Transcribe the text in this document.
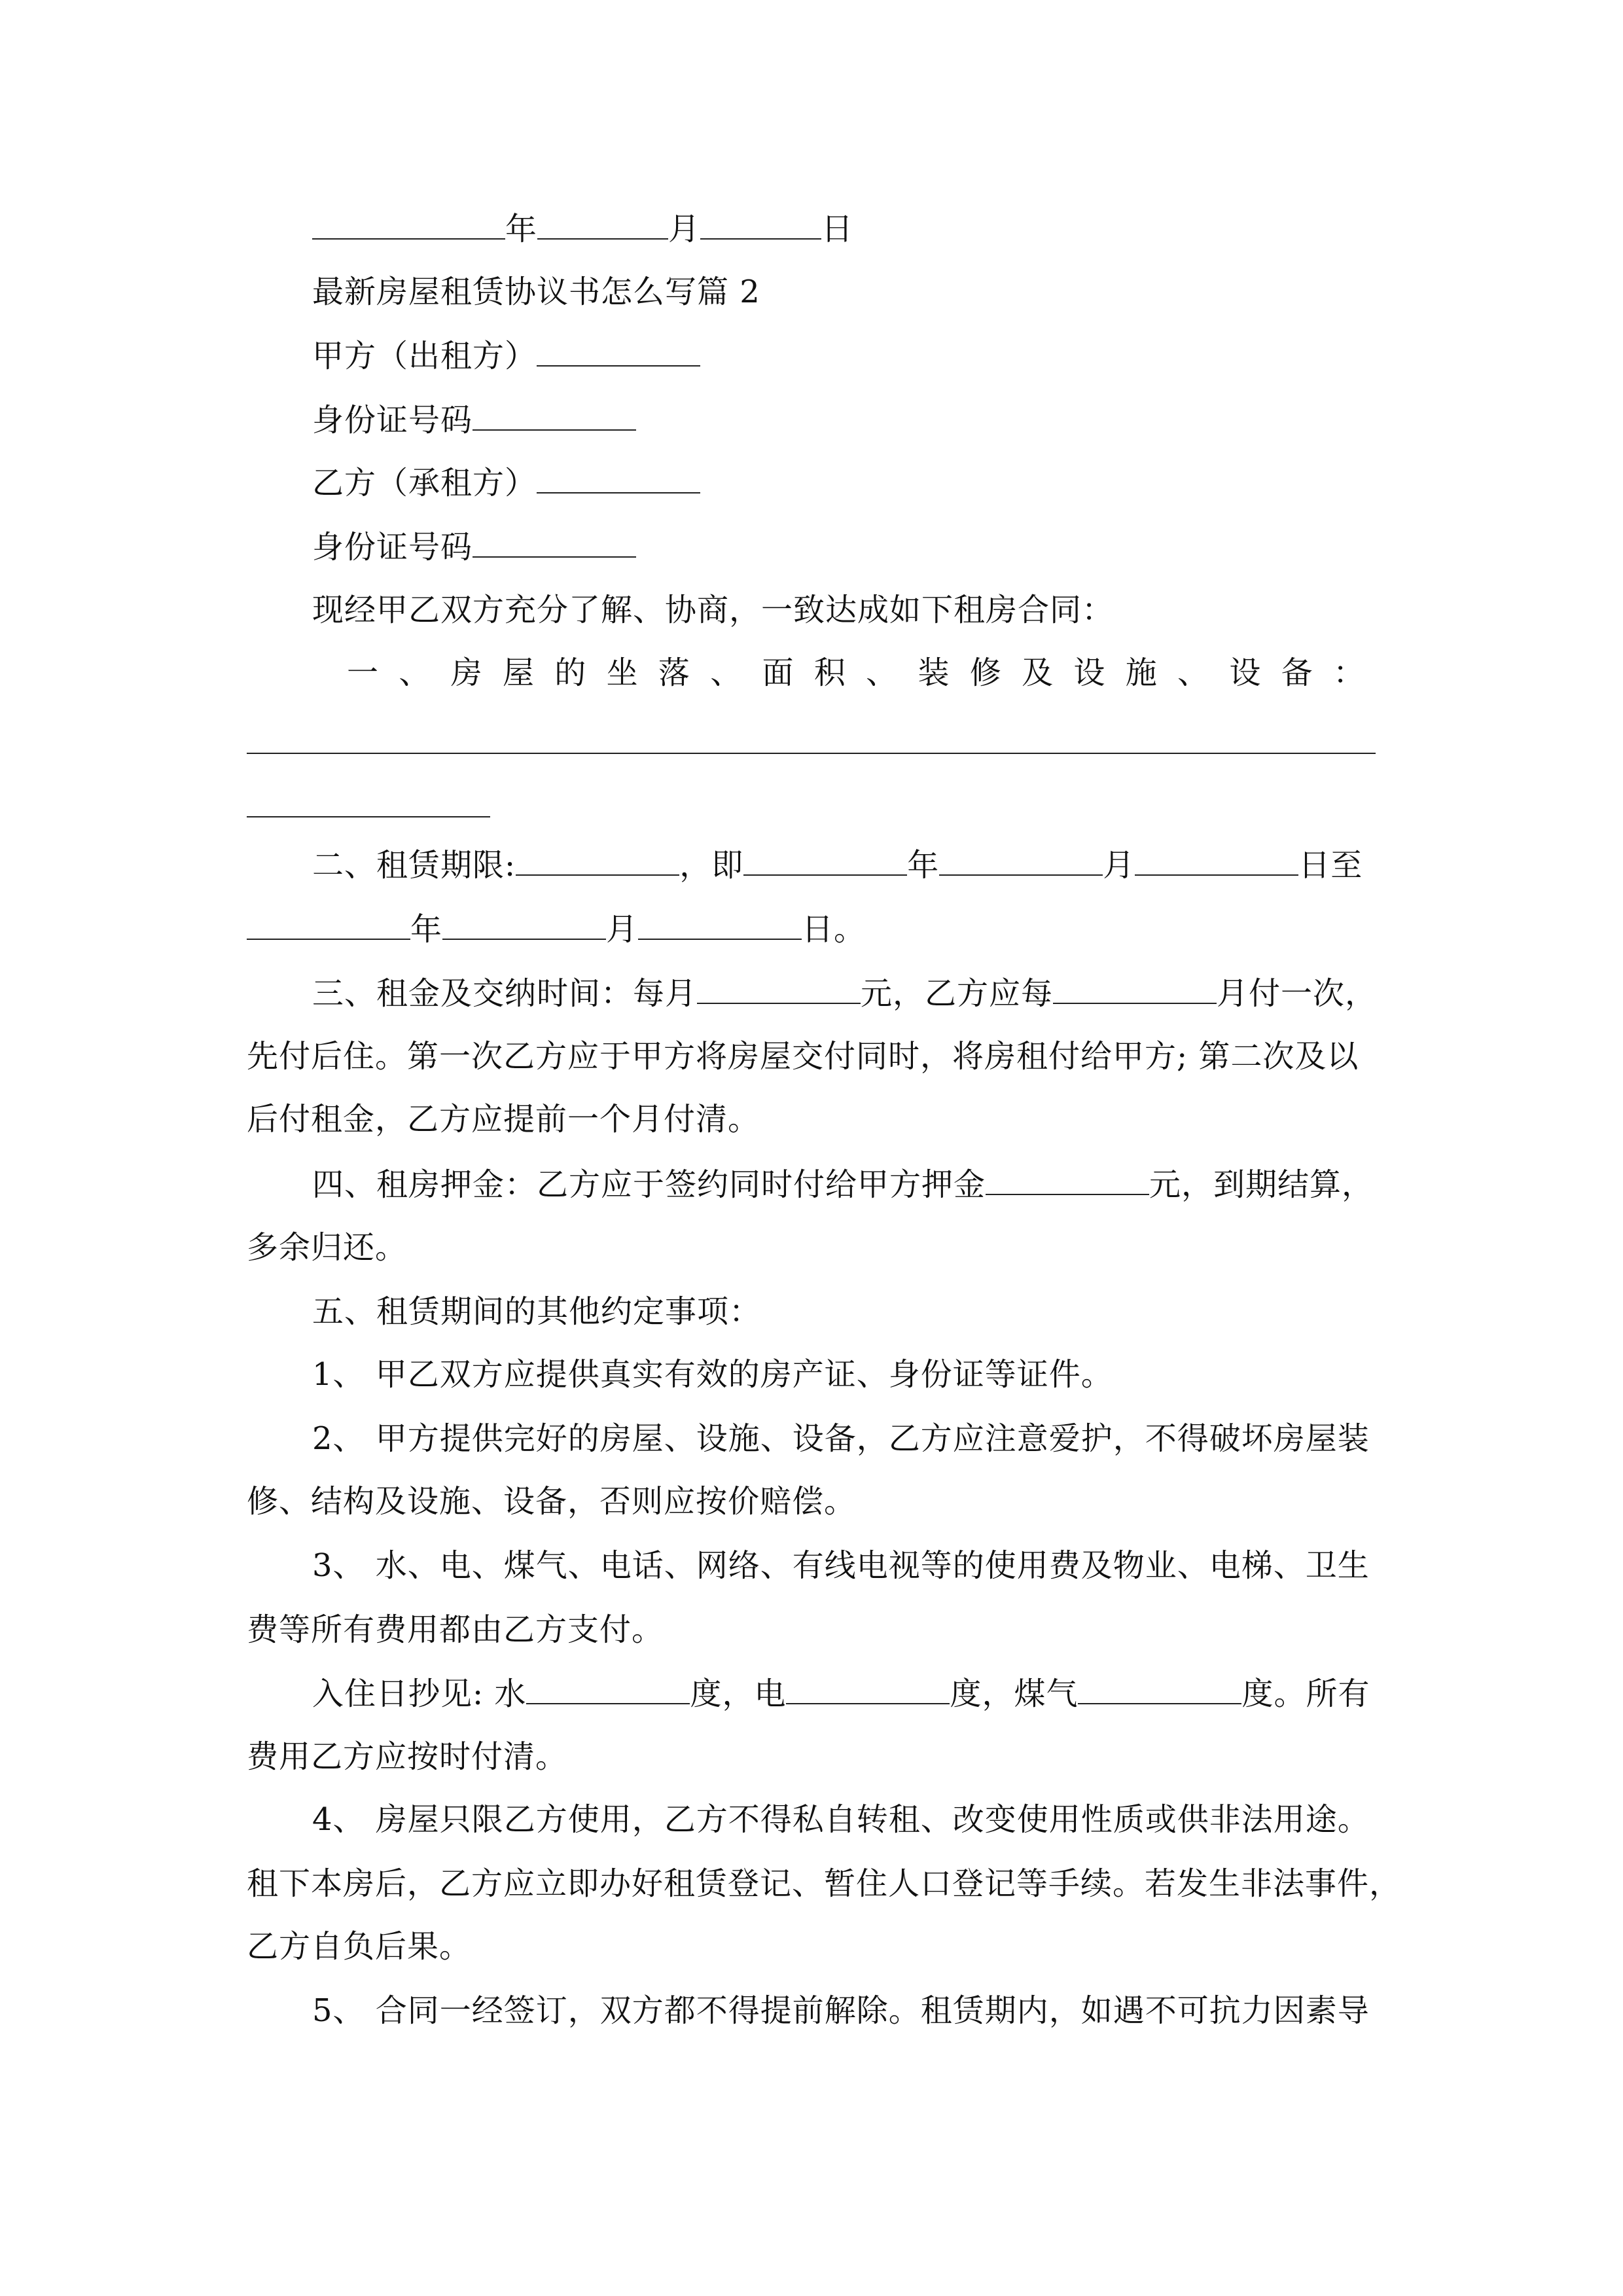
年	月	日
最新房屋租赁协议书怎么写篇 2
甲方（出租方）
身份证号码
乙方（承租方）
身份证号码
现经甲乙双方充分了解、协商，一致达成如下租房合同：
一 、 房 屋 的 坐 落 、 面 积 、 装 修 及 设 施 、 设 备 ：
二、租赁期限:	，即	年	月	日至
年	月	日。
三、租金及交纳时间：每月	元，乙方应每	月付一次，
先付后住。第一次乙方应于甲方将房屋交付同时，将房租付给甲方; 第二次及以
后付租金，乙方应提前一个月付清。
四、租房押金：乙方应于签约同时付给甲方押金	元，到期结算，
多余归还。
五、租赁期间的其他约定事项：
1、 甲乙双方应提供真实有效的房产证、身份证等证件。
2、 甲方提供完好的房屋、设施、设备，乙方应注意爱护，不得破坏房屋装
修、结构及设施、设备，否则应按价赔偿。
3、 水、电、煤气、电话、网络、有线电视等的使用费及物业、电梯、卫生
费等所有费用都由乙方支付。
入住日抄见: 水	度，电	度，煤气	度。所有
费用乙方应按时付清。
4、 房屋只限乙方使用，乙方不得私自转租、改变使用性质或供非法用途。
租下本房后，乙方应立即办好租赁登记、暂住人口登记等手续。若发生非法事件，
乙方自负后果。
5、 合同一经签订，双方都不得提前解除。租赁期内，如遇不可抗力因素导
